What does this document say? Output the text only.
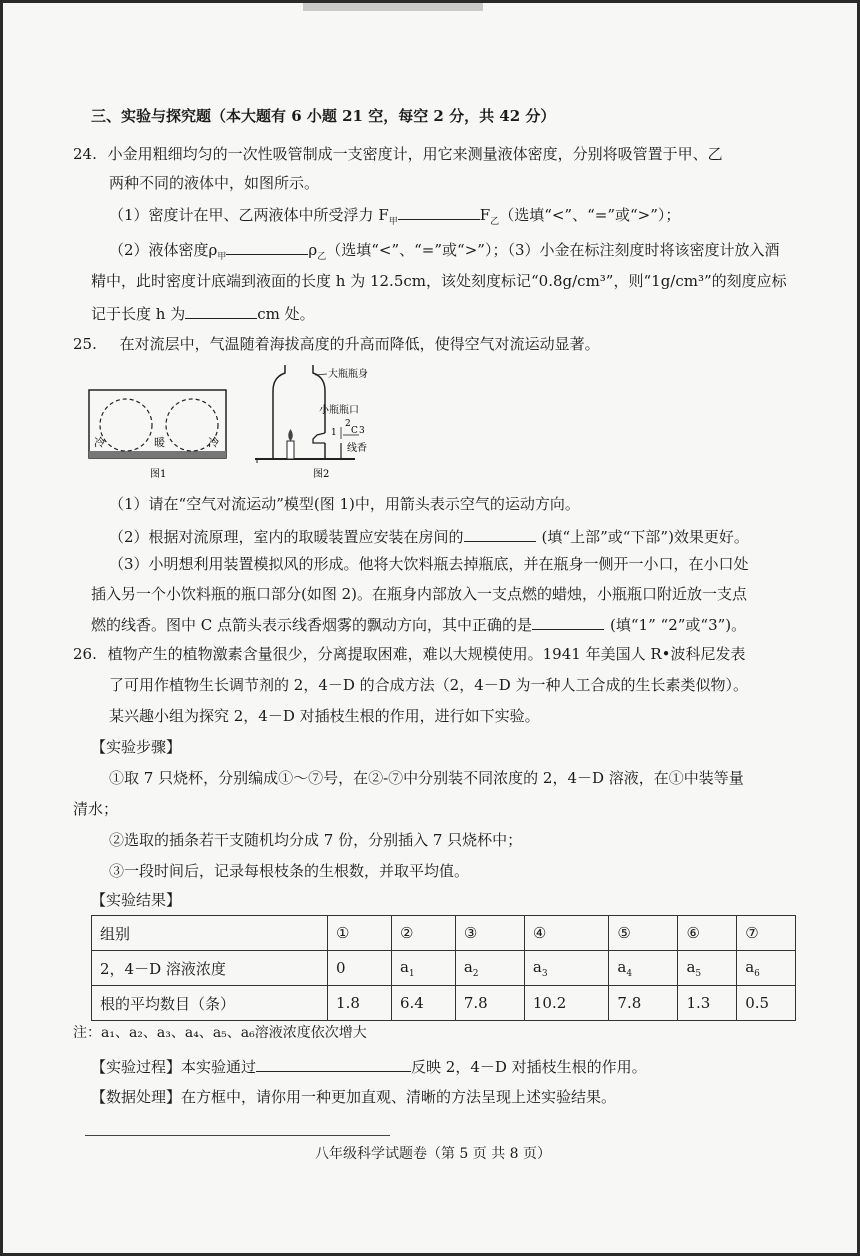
三、实验与探究题（本大题有 6 小题 21 空，每空 2 分，共 42 分）
24. 小金用粗细均匀的一次性吸管制成一支密度计，用它来测量液体密度，分别将吸管置于甲、乙
两种不同的液体中，如图所示。
（1）密度计在甲、乙两液体中所受浮力 $F_甲$	$F_乙$（选填“<”、“=”或“>”）；
（2）液体密度$\rho_甲$	$\rho_乙$（选填“<”、“=”或“>”）；（3）小金在标注刻度时将该密度计放入酒
精中，此时密度计底端到液面的长度 h 为 12.5cm，该处刻度标记“0.8g/cm³”，则“1g/cm³”的刻度应标
记于长度 h 为	cm 处。
25. 在对流层中，气温随着海拔高度的升高而降低，使得空气对流运动显著。
冷	暖	冷
图1
大瓶瓶身
小瓶瓶口
2
C 3
1
线香
图2
（1）请在“空气对流运动”模型(图 1)中，用箭头表示空气的运动方向。
（2）根据对流原理，室内的取暖装置应安装在房间的	(填“上部”或“下部”)效果更好。
（3）小明想利用装置模拟风的形成。他将大饮料瓶去掉瓶底，并在瓶身一侧开一小口，在小口处
插入另一个小饮料瓶的瓶口部分(如图 2)。在瓶身内部放入一支点燃的蜡烛，小瓶瓶口附近放一支点
燃的线香。图中 C 点箭头表示线香烟雾的飘动方向，其中正确的是	(填“1” “2”或“3”)。
26. 植物产生的植物激素含量很少，分离提取困难，难以大规模使用。1941 年美国人 R•波科尼发表
了可用作植物生长调节剂的 2，4－D 的合成方法（2，4－D 为一种人工合成的生长素类似物）。
某兴趣小组为探究 2，4－D 对插枝生根的作用，进行如下实验。
【实验步骤】
①取 7 只烧杯，分别编成①～⑦号，在②-⑦中分别装不同浓度的 2，4－D 溶液，在①中装等量
清水；
②选取的插条若干支随机均分成 7 份，分别插入 7 只烧杯中；
③一段时间后，记录每根枝条的生根数，并取平均值。
【实验结果】
组别	①	②	③	④	⑤	⑥	⑦
2，4－D 溶液浓度	0	$a_1$	$a_2$	$a_3$	$a_4$	$a_5$	$a_6$
根的平均数目（条）	1.8	6.4	7.8	10.2	7.8	1.3	0.5
注：a₁、a₂、a₃、a₄、a₅、a₆溶液浓度依次增大
【实验过程】本实验通过	反映 2，4－D 对插枝生根的作用。
【数据处理】在方框中，请你用一种更加直观、清晰的方法呈现上述实验结果。
八年级科学试题卷（第 5 页 共 8 页）
